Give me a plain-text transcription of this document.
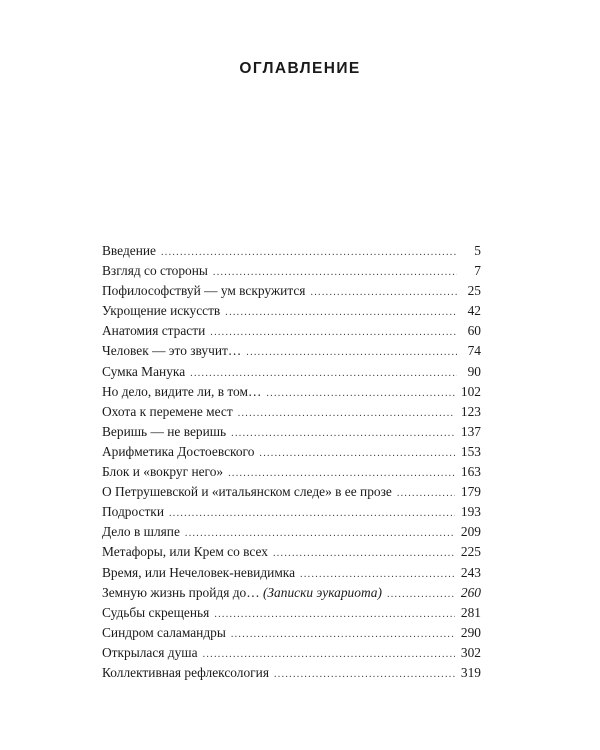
ОГЛАВЛЕНИЕ
Введение . . .	5
Взгляд со стороны . . .	7
Пофилософствуй — ум вскружится . . .	25
Укрощение искусств . . .	42
Анатомия страсти . . .	60
Человек — это звучит… . . .	74
Сумка Манука . . .	90
Но дело, видите ли, в том… . . .	102
Охота к перемене мест . . .	123
Веришь — не веришь . . .	137
Арифметика Достоевского . . .	153
Блок и «вокруг него» . . .	163
О Петрушевской и «итальянском следе» в ее прозе . . .	179
Подростки . . .	193
Дело в шляпе . . .	209
Метафоры, или Крем со всех . . .	225
Время, или Нечеловек-невидимка . . .	243
Земную жизнь пройдя до… (Записки эукариота) . . .	260
Судьбы скрещенья . . .	281
Синдром саламандры . . .	290
Открылася душа . . .	302
Коллективная рефлексология . . .	319
